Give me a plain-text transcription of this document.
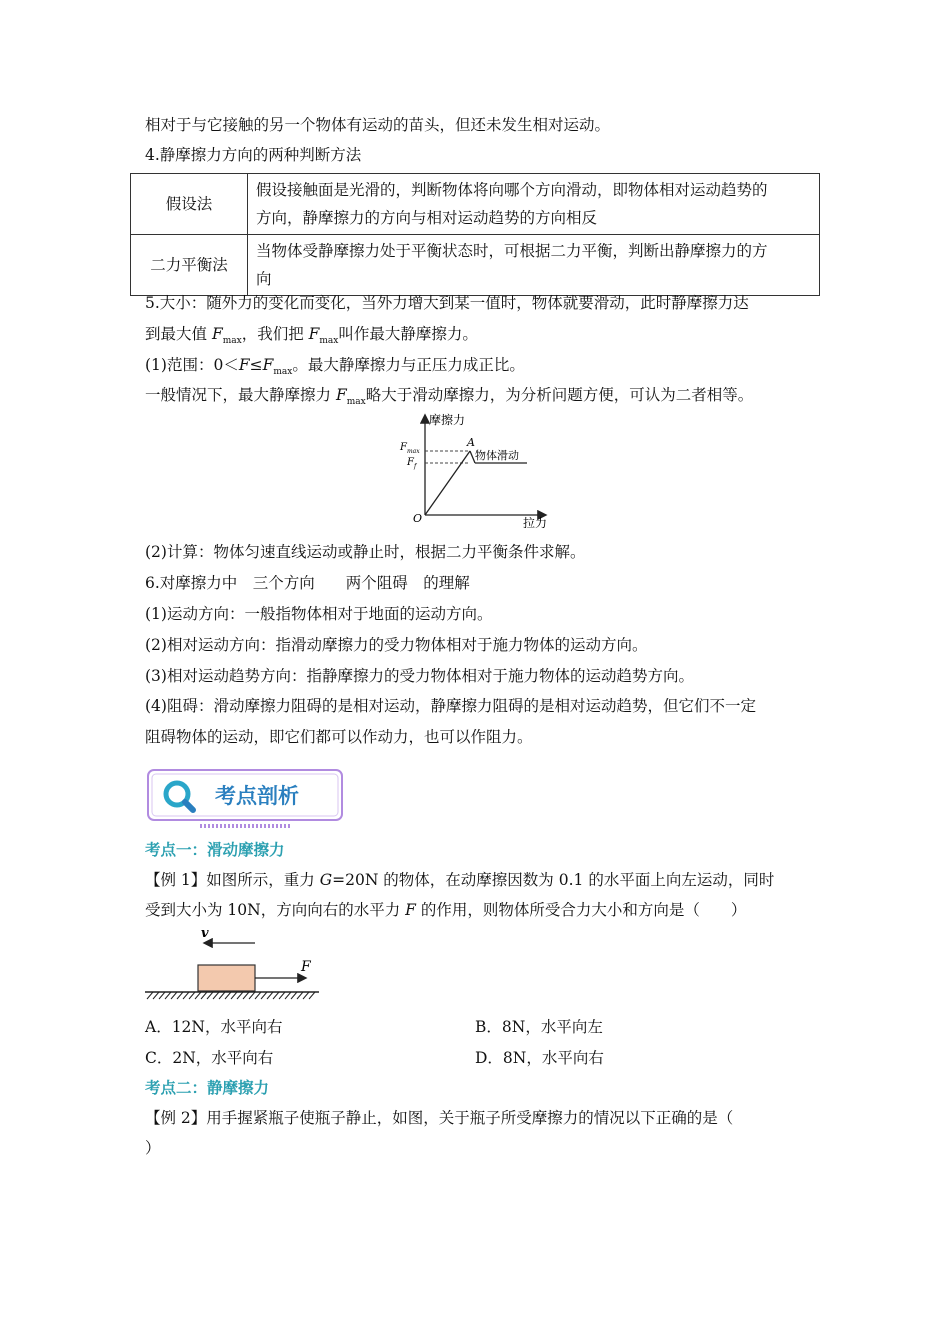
相对于与它接触的另一个物体有运动的苗头，但还未发生相对运动。
4.静摩擦力方向的两种判断方法
假设法	假设接触面是光滑的，判断物体将向哪个方向滑动，即物体相对运动趋势的
方向，静摩擦力的方向与相对运动趋势的方向相反

二力平衡法	当物体受静摩擦力处于平衡状态时，可根据二力平衡，判断出静摩擦力的方
向
5.大小：随外力的变化而变化，当外力增大到某一值时，物体就要滑动，此时静摩擦力达
到最大值 $F_{max}$，我们把 $F_{max}$叫作最大静摩擦力。
(1)范围：$0<F\le F_{max}$。最大静摩擦力与正压力成正比。
一般情况下，最大静摩擦力 $F_{max}$略大于滑动摩擦力，为分析问题方便，可认为二者相等。
摩擦力
拉力
O
A
$F_{max}$
$F_f$
物体滑动
(2)计算：物体匀速直线运动或静止时，根据二力平衡条件求解。
6.对摩擦力中　三个方向　　两个阻碍　的理解
(1)运动方向：一般指物体相对于地面的运动方向。
(2)相对运动方向：指滑动摩擦力的受力物体相对于施力物体的运动方向。
(3)相对运动趋势方向：指静摩擦力的受力物体相对于施力物体的运动趋势方向。
(4)阻碍：滑动摩擦力阻碍的是相对运动，静摩擦力阻碍的是相对运动趋势，但它们不一定
阻碍物体的运动，即它们都可以作动力，也可以作阻力。
考点剖析
考点一：滑动摩擦力
【例 1】如图所示，重力 G=20N 的物体，在动摩擦因数为 0.1 的水平面上向左运动，同时
受到大小为 10N，方向向右的水平力 F 的作用，则物体所受合力大小和方向是（　　）
v
F
A．12N，水平向右	B．8N，水平向左
C．2N，水平向右	D．8N，水平向右
考点二：静摩擦力
【例 2】用手握紧瓶子使瓶子静止，如图，关于瓶子所受摩擦力的情况以下正确的是（
）
